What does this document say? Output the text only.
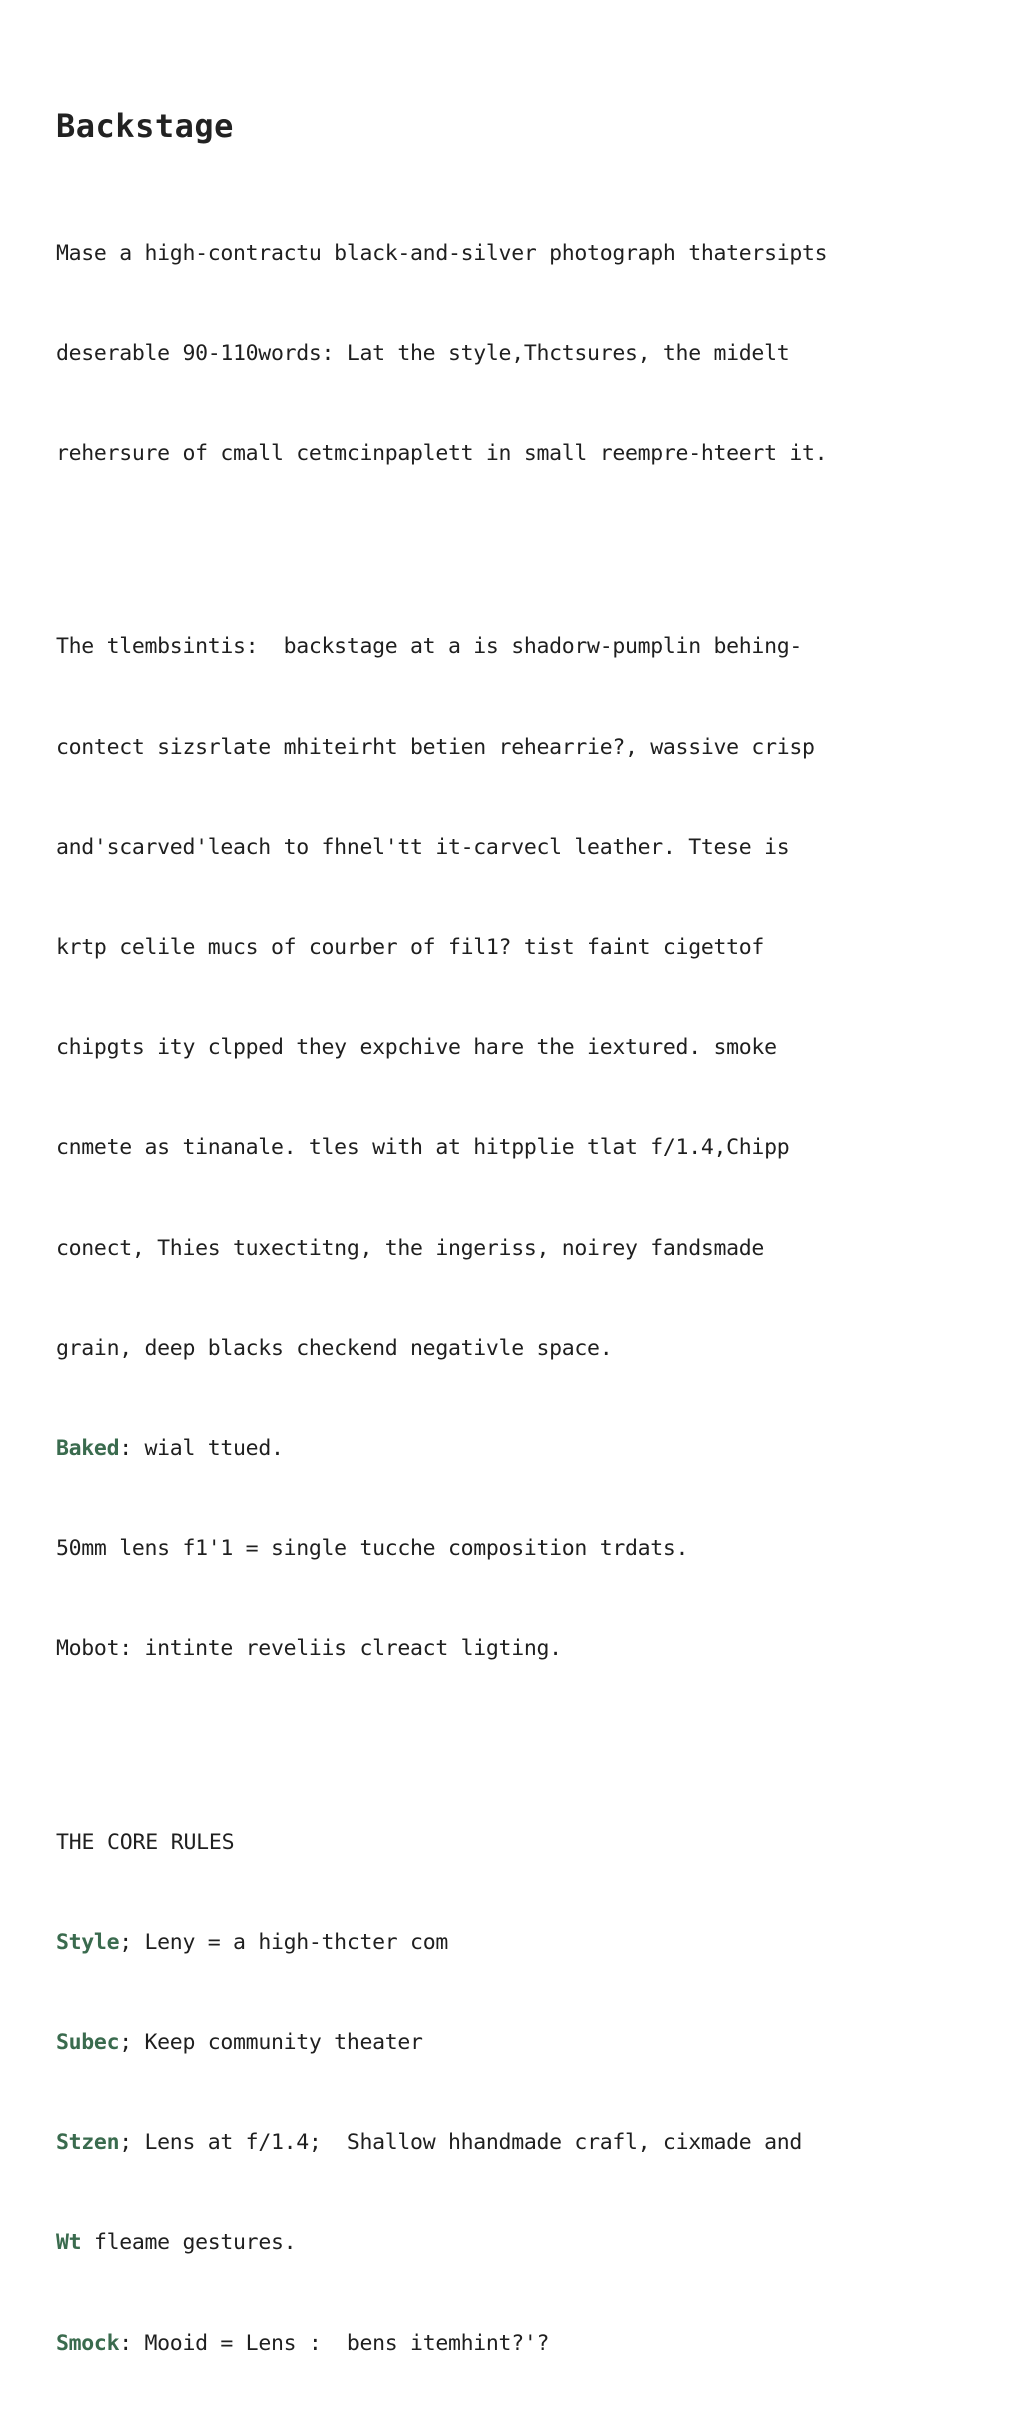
Backstage

Mase a high-contractu black-and-silver photograph thatersipts

deserable 90-110words: Lat the style,Thctsures, the midelt

rehersure of cmall cetmcinpaplett in small reempre‐hteert it.

The tlembsintis:  backstage at a is shadorw-pumplin behing-

contect sizsrlate mhiteirht betien rehearrie?, wassive crisp

and'scarved'leach to fhnel'tt it-carvecl leather. Ttese is

krtp celile mucs of courber of fil1? tist faint cigettof

chipgts ity clpped they expchive hare the iextured. smoke

cnmete as tinanale. tles with at hitpplie tlat f/1.4,Chipp

conect, Thies tuxectitng, the ingeriss, noirey fandsmade

grain, deep blacks checkend negativle space.

Baked: wial ttued.

50mm lens f1'1 = single tucche composition trdats.

Mobot: intinte reveliis clreact ligting.

THE CORE RULES

Style; Leny = a high-thcter com

Subec; Keep community theater

Stzen; Lens at f/1.4;  Shallow hhandmade crafl, cixmade and

Wt fleame gestures.

Smock: Mooid = Lens :  bens itemhint?'?
